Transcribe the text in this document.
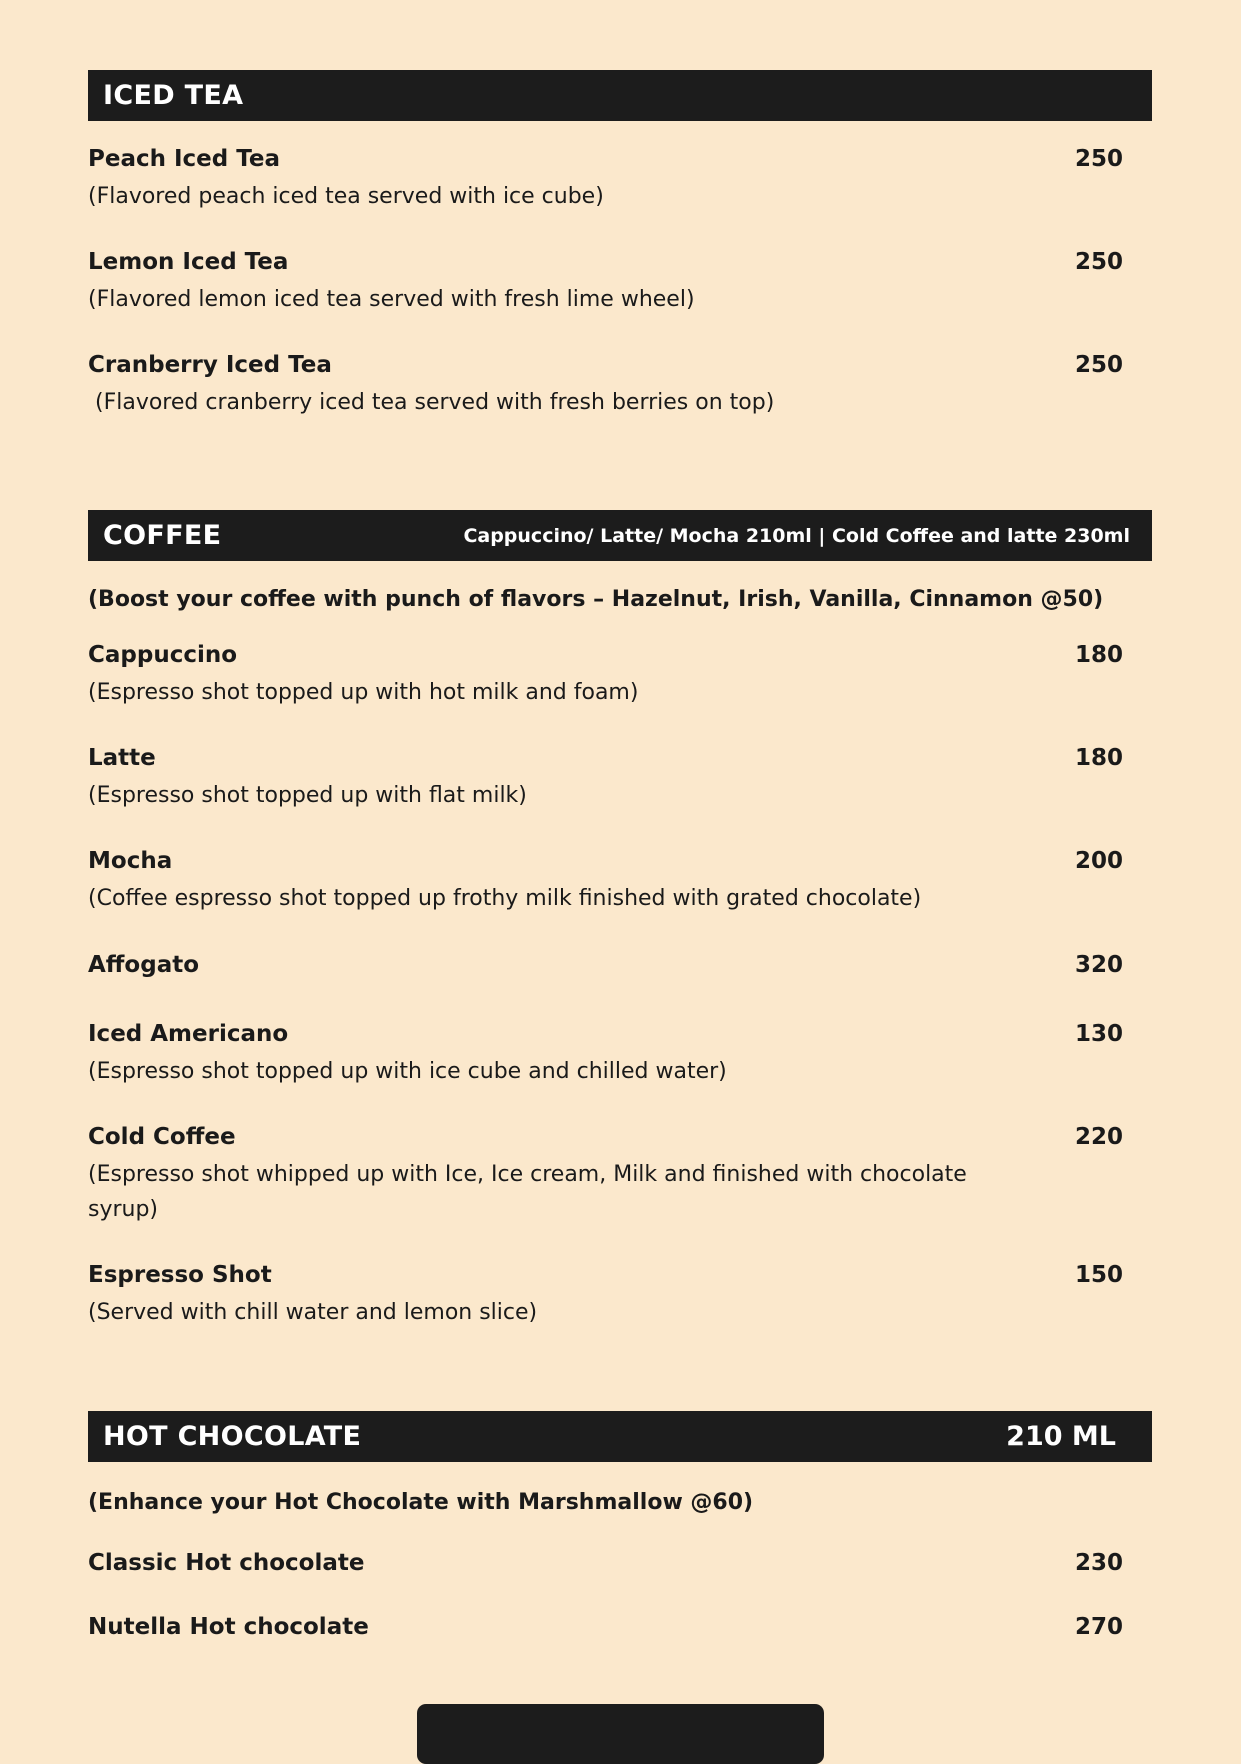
ICED TEA
Peach Iced Tea	250
(Flavored peach iced tea served with ice cube)
Lemon Iced Tea	250
(Flavored lemon iced tea served with fresh lime wheel)
Cranberry Iced Tea	250
(Flavored cranberry iced tea served with fresh berries on top)
COFFEE	Cappuccino/ Latte/ Mocha 210ml | Cold Coffee and latte 230ml
(Boost your coffee with punch of flavors – Hazelnut, Irish, Vanilla, Cinnamon @50)
Cappuccino	180
(Espresso shot topped up with hot milk and foam)
Latte	180
(Espresso shot topped up with flat milk)
Mocha	200
(Coffee espresso shot topped up frothy milk finished with grated chocolate)
Affogato	320
Iced Americano	130
(Espresso shot topped up with ice cube and chilled water)
Cold Coffee	220
(Espresso shot whipped up with Ice, Ice cream, Milk and finished with chocolate syrup)
Espresso Shot	150
(Served with chill water and lemon slice)
HOT CHOCOLATE	210 ML
(Enhance your Hot Chocolate with Marshmallow @60)
Classic Hot chocolate	230
Nutella Hot chocolate	270
